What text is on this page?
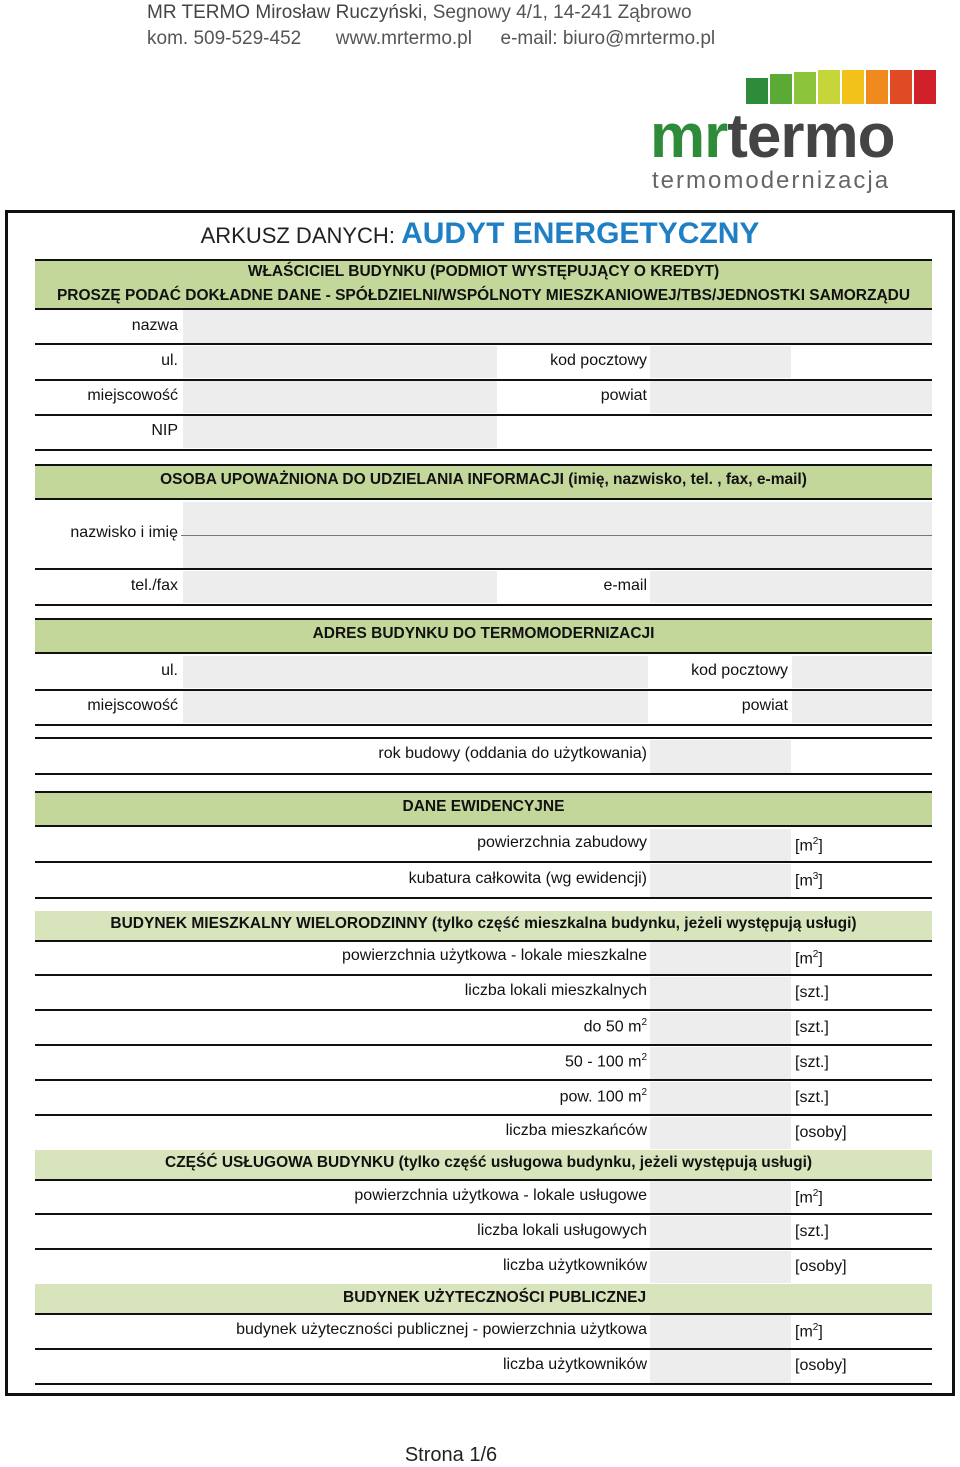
MR TERMO Mirosław Ruczyński, Segnowy 4/1, 14-241 Ząbrowo
kom. 509-529-452 www.mrtermo.pl e-mail: biuro@mrtermo.pl
mrtermo
termomodernizacja
ARKUSZ DANYCH: AUDYT ENERGETYCZNY
WŁAŚCICIEL BUDYNKU (PODMIOT WYSTĘPUJĄCY O KREDYT)
PROSZĘ PODAĆ DOKŁADNE DANE - SPÓŁDZIELNI/WSPÓLNOTY MIESZKANIOWEJ/TBS/JEDNOSTKI SAMORZĄDU
nazwa
ul.	kod pocztowy
miejscowość	powiat
NIP
OSOBA UPOWAŻNIONA DO UDZIELANIA INFORMACJI (imię, nazwisko, tel. , fax, e-mail)
nazwisko i imię
tel./fax	e-mail
ADRES BUDYNKU DO TERMOMODERNIZACJI
ul.	kod pocztowy
miejscowość	powiat
rok budowy (oddania do użytkowania)
DANE EWIDENCYJNE
powierzchnia zabudowy	$[m^2]$
kubatura całkowita (wg ewidencji)	$[m^3]$
BUDYNEK MIESZKALNY WIELORODZINNY (tylko część mieszkalna budynku, jeżeli występują usługi)
powierzchnia użytkowa - lokale mieszkalne	$[m^2]$
liczba lokali mieszkalnych	[szt.]
do 50 $m^2$	[szt.]
50 - 100 $m^2$	[szt.]
pow. 100 $m^2$	[szt.]
liczba mieszkańców	[osoby]
CZĘŚĆ USŁUGOWA BUDYNKU (tylko część usługowa budynku, jeżeli występują usługi)
powierzchnia użytkowa - lokale usługowe	$[m^2]$
liczba lokali usługowych	[szt.]
liczba użytkowników	[osoby]
BUDYNEK UŻYTECZNOŚCI PUBLICZNEJ
budynek użyteczności publicznej - powierzchnia użytkowa	$[m^2]$
liczba użytkowników	[osoby]
Strona 1/6
